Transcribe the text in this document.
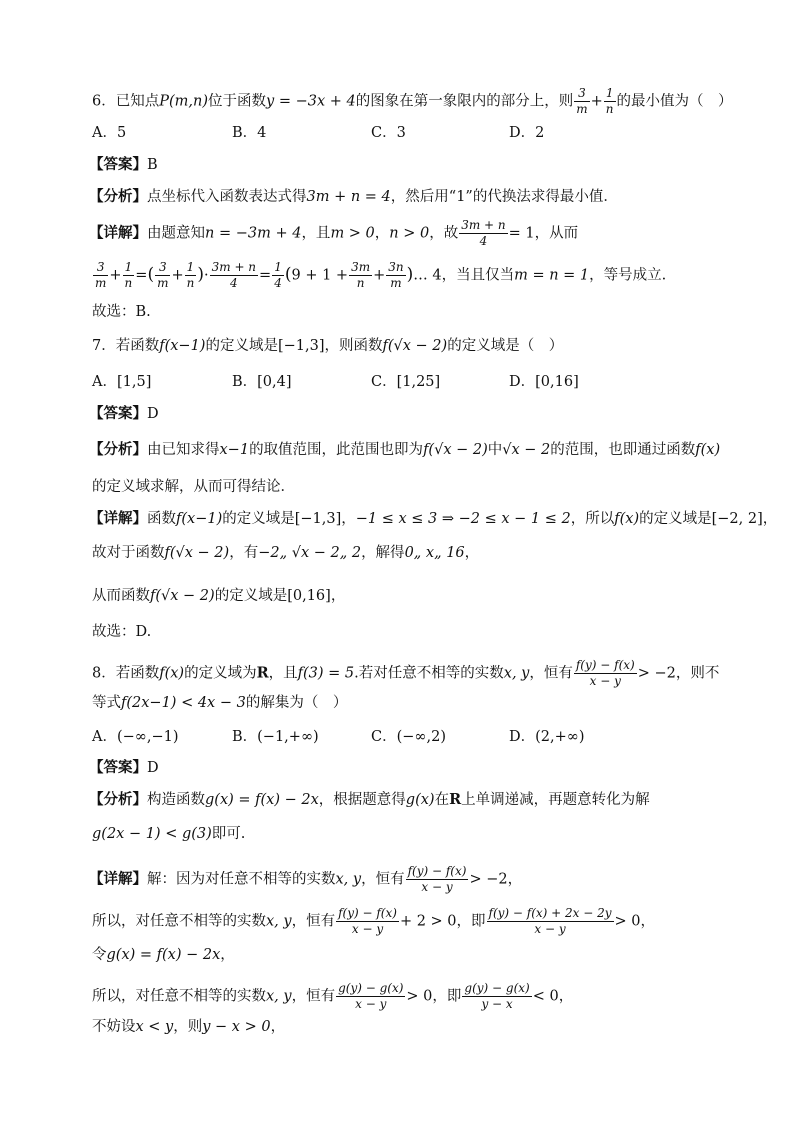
6．已知点P(m,n)位于函数y = −3x + 4的图象在第一象限内的部分上，则 $\frac{3}{m} + \frac{1}{n}$ 的最小值为（　）
A．5	B．4	C．3	D．2
【答案】B
【分析】点坐标代入函数表达式得3m + n = 4，然后用“1”的代换法求得最小值．
【详解】由题意知n = −3m + 4，且m > 0，n > 0，故 $\frac{3m + n}{4} = 1$，从而
$\frac{3}{m} + \frac{1}{n}$ =( $\frac{3}{m} + \frac{1}{n}$ )· $\frac{3m + n}{4} = \frac{1}{4} (9 + 1 + \frac{3m}{n} + \frac{3n}{m}$ )… 4，当且仅当m = n = 1，等号成立.
故选：B.
7．若函数f(x−1)的定义域是[−1,3]，则函数f(√x − 2)的定义域是（　）
A．[1,5]	B．[0,4]	C．[1,25]	D．[0,16]
【答案】D
【分析】由已知求得x−1的取值范围，此范围也即为f(√x − 2)中√x − 2的范围，也即通过函数f(x)
的定义域求解，从而可得结论．
【详解】函数f(x−1)的定义域是[−1,3]，−1 ≤ x ≤ 3 ⇒ −2 ≤ x − 1 ≤ 2，所以f(x)的定义域是[−2, 2]，
故对于函数f(√x − 2)，有−2„ √x − 2„ 2，解得0„ x„ 16，
从而函数f(√x − 2)的定义域是[0,16]，
故选：D.
8．若函数f(x)的定义域为R，且f(3) = 5.若对任意不相等的实数x, y，恒有 $\frac{f(y) - f(x)}{x - y} > -2$，则不
等式f(2x−1) < 4x − 3的解集为（　）
A．(−∞,−1)	B．(−1,+∞)	C．(−∞,2)	D．(2,+∞)
【答案】D
【分析】构造函数g(x) = f(x) − 2x，根据题意得g(x)在R上单调递减，再题意转化为解
g(2x − 1) < g(3)即可.
【详解】解：因为对任意不相等的实数x, y，恒有 $\frac{f(y) - f(x)}{x - y} > -2$，
所以，对任意不相等的实数x, y，恒有 $\frac{f(y) - f(x)}{x - y} + 2 > 0$，即 $\frac{f(y) - f(x) + 2x - 2y}{x - y} > 0$，
令g(x) = f(x) − 2x，
所以，对任意不相等的实数x, y，恒有 $\frac{g(y) - g(x)}{x - y} > 0$，即 $\frac{g(y) - g(x)}{y - x} < 0$，
不妨设x < y，则y − x > 0，
